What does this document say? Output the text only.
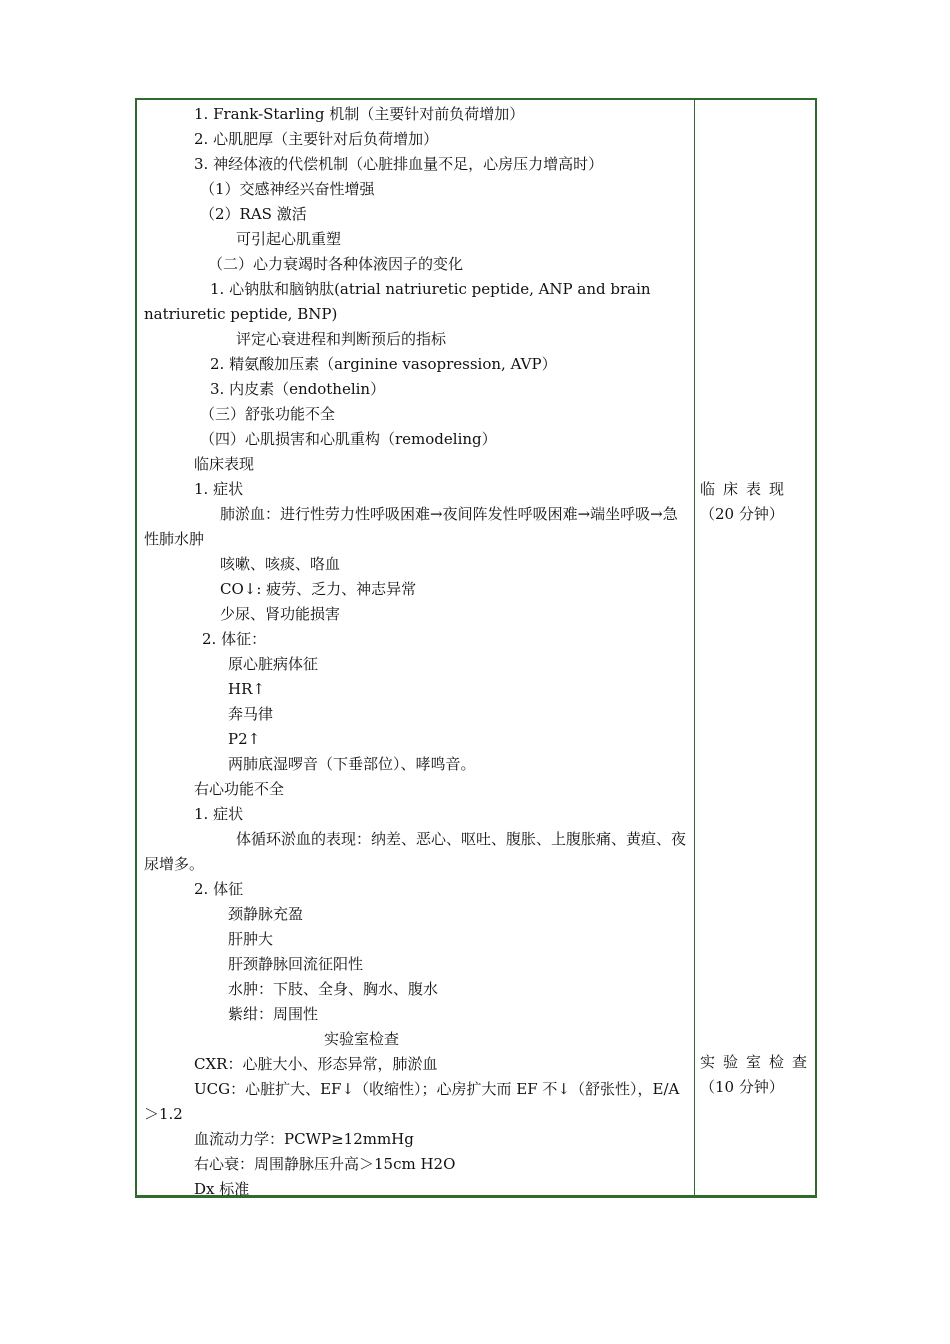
1. Frank-Starling 机制（主要针对前负荷增加）
2. 心肌肥厚（主要针对后负荷增加）
3. 神经体液的代偿机制（心脏排血量不足，心房压力增高时）
（1）交感神经兴奋性增强
（2）RAS 激活
可引起心肌重塑
（二）心力衰竭时各种体液因子的变化
1. 心钠肽和脑钠肽(atrial natriuretic peptide, ANP and brain natriuretic peptide, BNP)
评定心衰进程和判断预后的指标
2. 精氨酸加压素（arginine vasopression, AVP）
3. 内皮素（endothelin）
（三）舒张功能不全
（四）心肌损害和心肌重构（remodeling）
临床表现
1. 症状
肺淤血：进行性劳力性呼吸困难→夜间阵发性呼吸困难→端坐呼吸→急性肺水肿
咳嗽、咳痰、咯血
CO↓: 疲劳、乏力、神志异常
少尿、肾功能损害
2. 体征：
原心脏病体征
HR↑
奔马律
P2↑
两肺底湿啰音（下垂部位）、哮鸣音。
右心功能不全
1. 症状
体循环淤血的表现：纳差、恶心、呕吐、腹胀、上腹胀痛、黄疸、夜尿增多。
2. 体征
颈静脉充盈
肝肿大
肝颈静脉回流征阳性
水肿：下肢、全身、胸水、腹水
紫绀：周围性
实验室检查
CXR：心脏大小、形态异常，肺淤血
UCG：心脏扩大、EF↓（收缩性）；心房扩大而 EF 不↓（舒张性），E/A＞1.2
血流动力学：PCWP≥12mmHg
右心衰：周围静脉压升高＞15cm H2O
Dx 标准
临床表现
（20 分钟）
实验室检查
（10 分钟）
